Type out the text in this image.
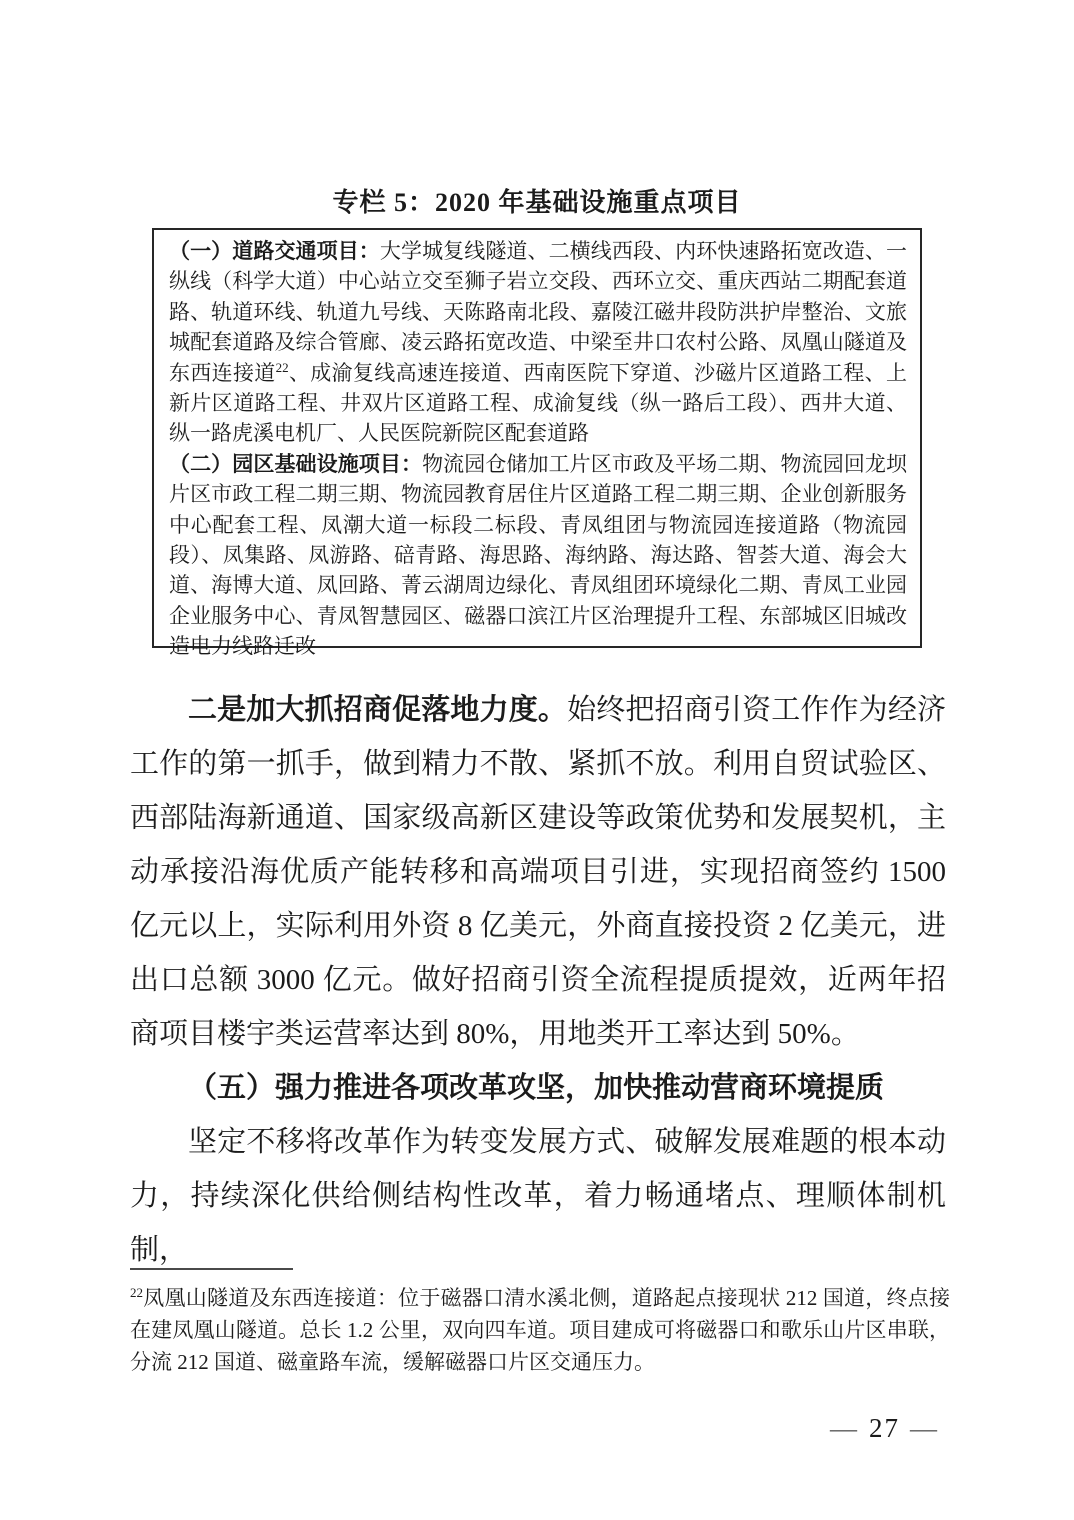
专栏 5：2020 年基础设施重点项目

（一）道路交通项目：大学城复线隧道、二横线西段、内环快速路拓宽改造、一纵线（科学大道）中心站立交至狮子岩立交段、西环立交、重庆西站二期配套道路、轨道环线、轨道九号线、天陈路南北段、嘉陵江磁井段防洪护岸整治、文旅城配套道路及综合管廊、凌云路拓宽改造、中梁至井口农村公路、凤凰山隧道及东西连接道$^{22}$、成渝复线高速连接道、西南医院下穿道、沙磁片区道路工程、上新片区道路工程、井双片区道路工程、成渝复线（纵一路后工段）、西井大道、纵一路虎溪电机厂、人民医院新院区配套道路

（二）园区基础设施项目：物流园仓储加工片区市政及平场二期、物流园回龙坝片区市政工程二期三期、物流园教育居住片区道路工程二期三期、企业创新服务中心配套工程、凤潮大道一标段二标段、青凤组团与物流园连接道路（物流园段）、凤集路、凤游路、碚青路、海思路、海纳路、海达路、智荟大道、海会大道、海博大道、凤回路、菁云湖周边绿化、青凤组团环境绿化二期、青凤工业园企业服务中心、青凤智慧园区、磁器口滨江片区治理提升工程、东部城区旧城改造电力线路迁改

二是加大抓招商促落地力度。始终把招商引资工作作为经济工作的第一抓手，做到精力不散、紧抓不放。利用自贸试验区、西部陆海新通道、国家级高新区建设等政策优势和发展契机，主动承接沿海优质产能转移和高端项目引进，实现招商签约 1500 亿元以上，实际利用外资 8 亿美元，外商直接投资 2 亿美元，进出口总额 3000 亿元。做好招商引资全流程提质提效，近两年招商项目楼宇类运营率达到 80%，用地类开工率达到 50%。

（五）强力推进各项改革攻坚，加快推动营商环境提质

坚定不移将改革作为转变发展方式、破解发展难题的根本动力，持续深化供给侧结构性改革，着力畅通堵点、理顺体制机制，

$^{22}$凤凰山隧道及东西连接道：位于磁器口清水溪北侧，道路起点接现状 212 国道，终点接在建凤凰山隧道。总长 1.2 公里，双向四车道。项目建成可将磁器口和歌乐山片区串联，分流 212 国道、磁童路车流，缓解磁器口片区交通压力。

— 27 —
